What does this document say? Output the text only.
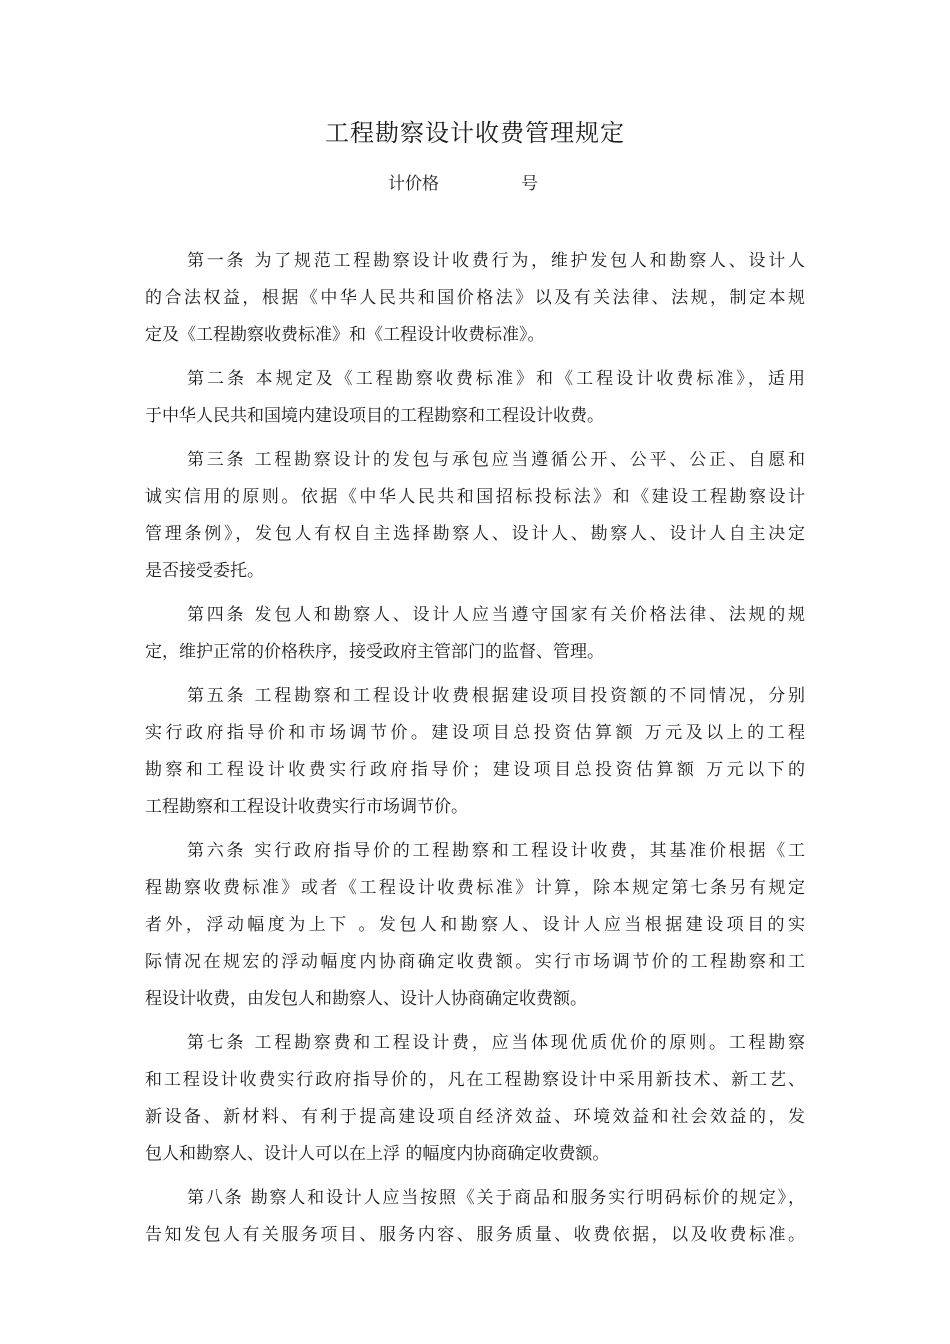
工程勘察设计收费管理规定
计价格	号
第一条 为了规范工程勘察设计收费行为，维护发包人和勘察人、设计人
的合法权益，根据《中华人民共和国价格法》以及有关法律、法规，制定本规
定及《工程勘察收费标准》和《工程设计收费标准》。
第二条 本规定及《工程勘察收费标准》和《工程设计收费标准》，适用
于中华人民共和国境内建设项目的工程勘察和工程设计收费。
第三条 工程勘察设计的发包与承包应当遵循公开、公平、公正、自愿和
诚实信用的原则。依据《中华人民共和国招标投标法》和《建设工程勘察设计
管理条例》，发包人有权自主选择勘察人、设计人、勘察人、设计人自主决定
是否接受委托。
第四条 发包人和勘察人、设计人应当遵守国家有关价格法律、法规的规
定，维护正常的价格秩序，接受政府主管部门的监督、管理。
第五条 工程勘察和工程设计收费根据建设项目投资额的不同情况，分别
实行政府指导价和市场调节价。建设项目总投资估算额 万元及以上的工程
勘察和工程设计收费实行政府指导价；建设项目总投资估算额 万元以下的
工程勘察和工程设计收费实行市场调节价。
第六条 实行政府指导价的工程勘察和工程设计收费，其基准价根据《工
程勘察收费标准》或者《工程设计收费标准》计算，除本规定第七条另有规定
者外，浮动幅度为上下 。发包人和勘察人、设计人应当根据建设项目的实
际情况在规宏的浮动幅度内协商确定收费额。实行市场调节价的工程勘察和工
程设计收费，由发包人和勘察人、设计人协商确定收费额。
第七条 工程勘察费和工程设计费，应当体现优质优价的原则。工程勘察
和工程设计收费实行政府指导价的，凡在工程勘察设计中采用新技术、新工艺、
新设备、新材料、有利于提高建设项自经济效益、环境效益和社会效益的，发
包人和勘察人、设计人可以在上浮 的幅度内协商确定收费额。
第八条 勘察人和设计人应当按照《关于商品和服务实行明码标价的规定》，
告知发包人有关服务项目、服务内容、服务质量、收费依据，以及收费标准。
